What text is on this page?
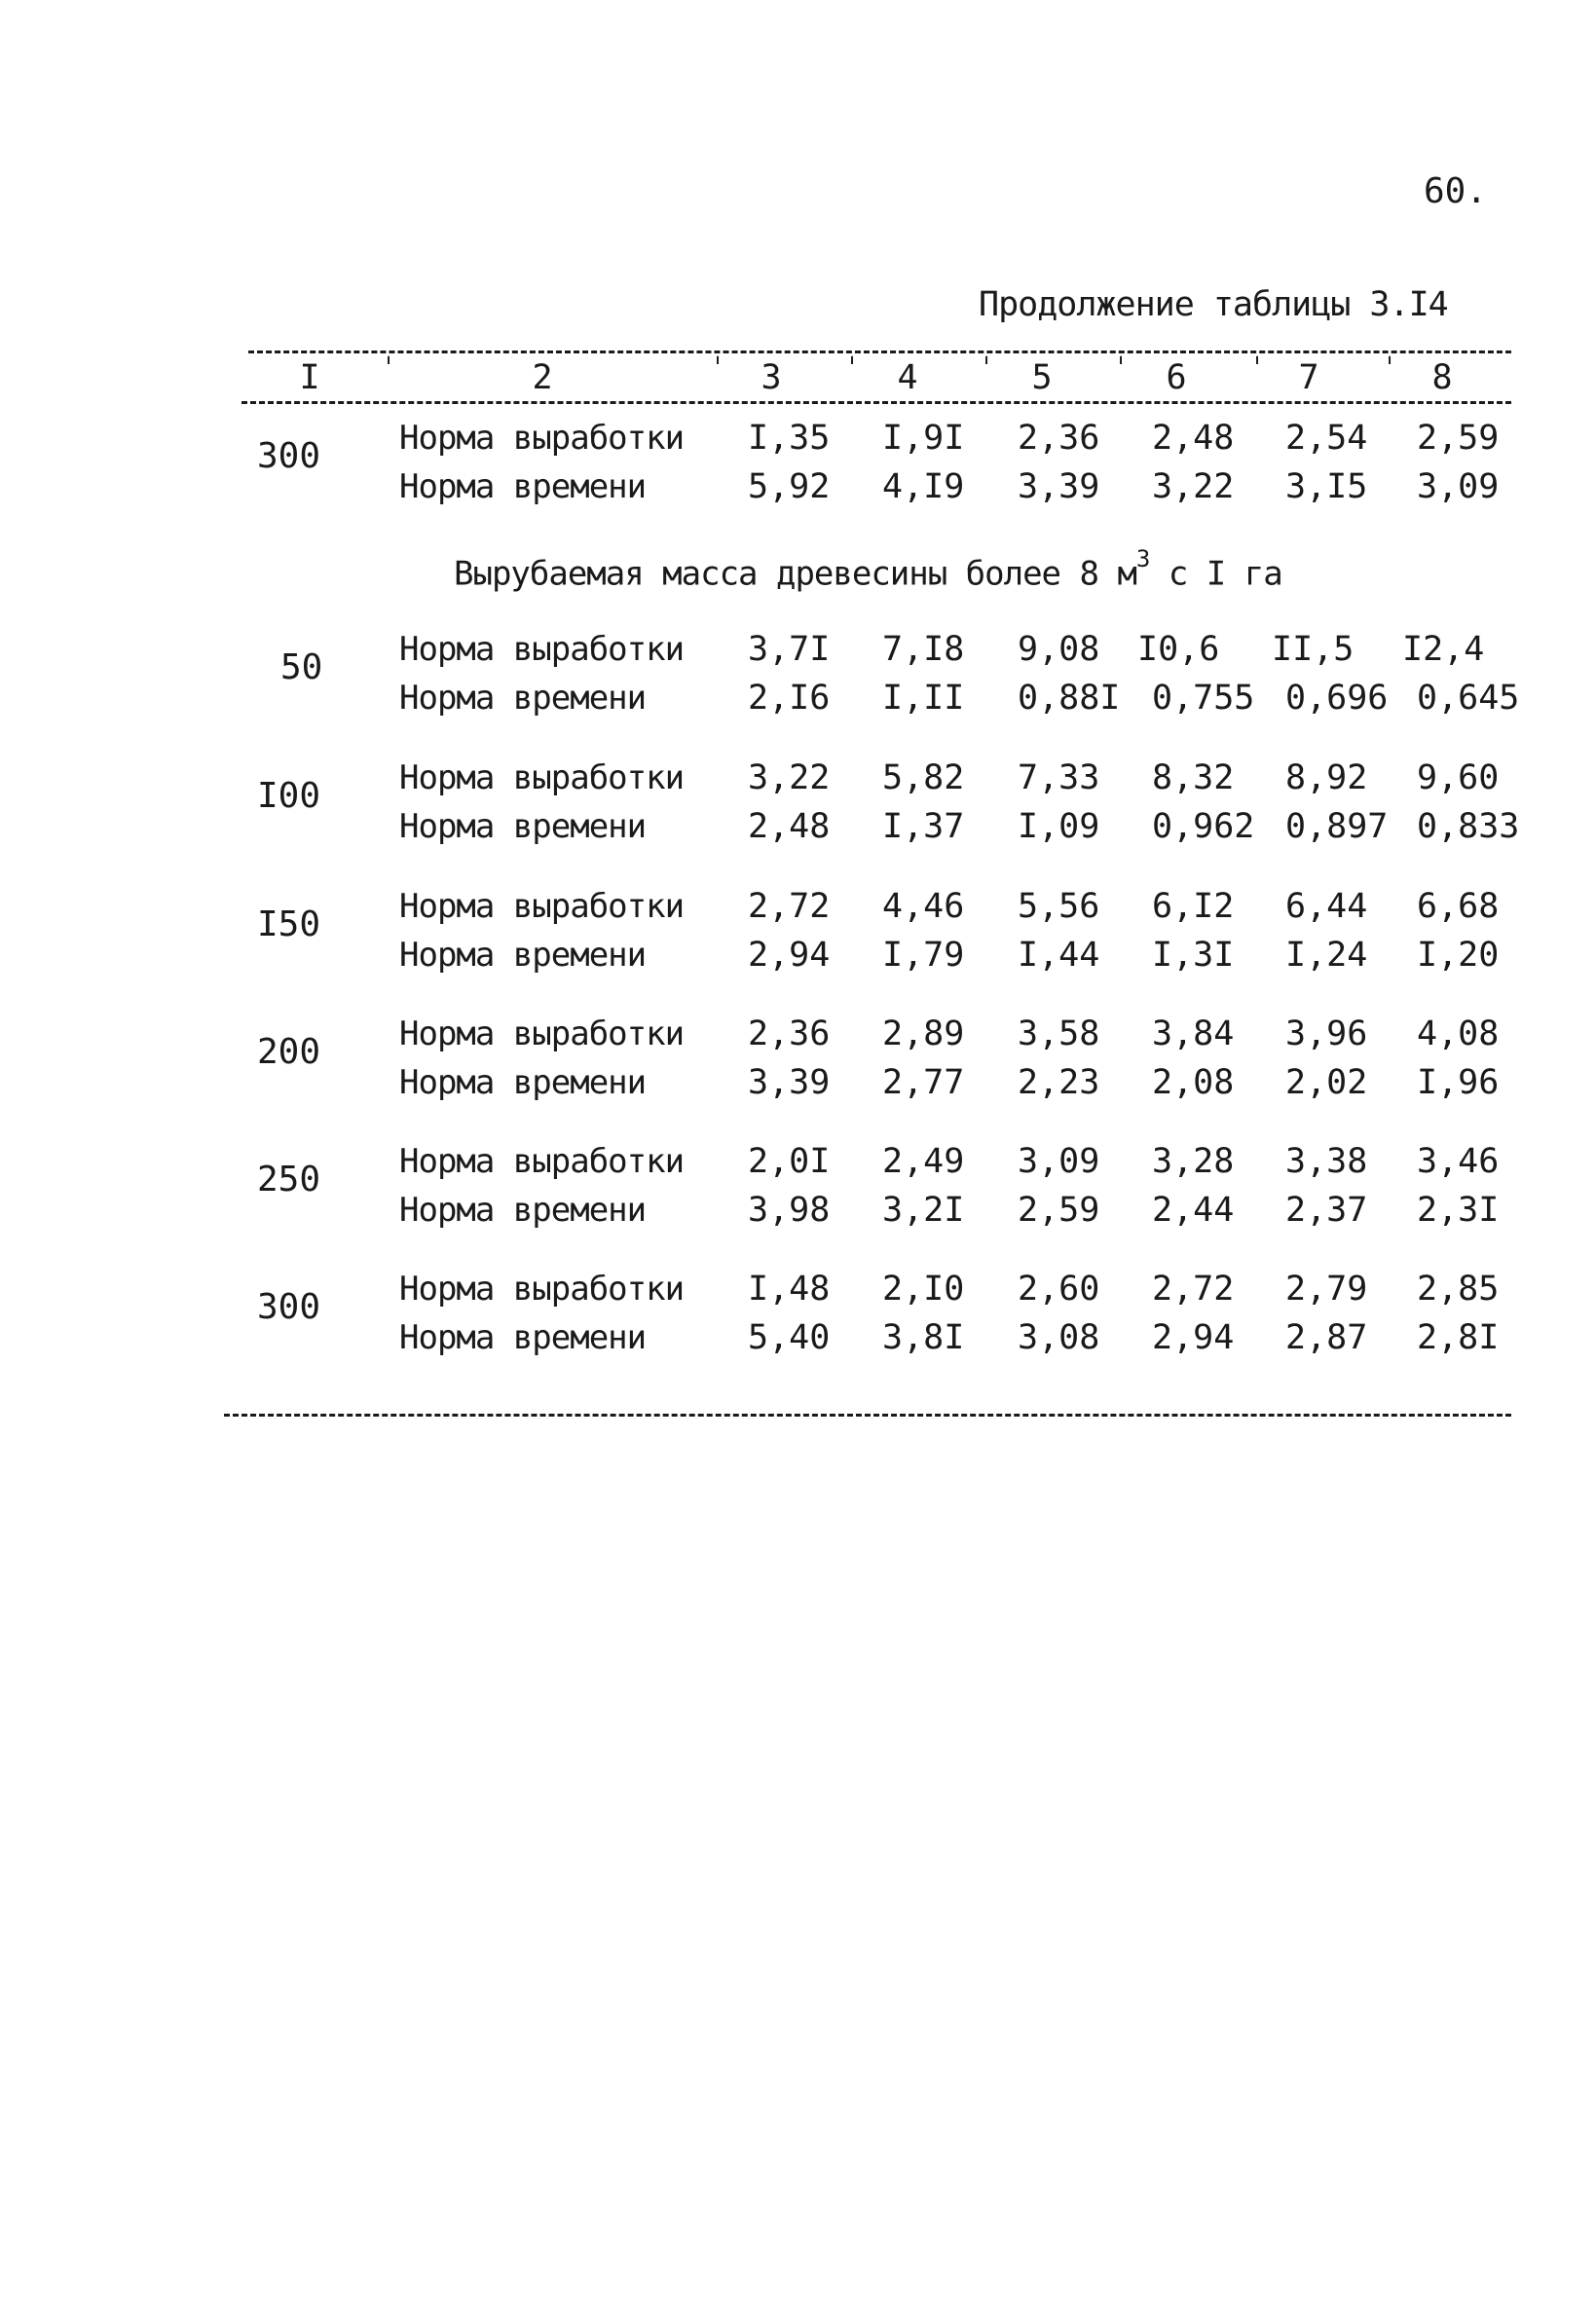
60.
Продолжение таблицы 3.I4
I	ˈ	2	ˈ	3	ˈ	4	ˈ	5	ˈ	6	ˈ 7	ˈ 8
300 Норма выработки I,35 I,9I 2,36 2,48 2,54 2,59
Норма времени	5,92 4,I9 3,39 3,22 3,I5 3,09
Вырубаемая масса древесины более 8 $м^3$ с I га
50 Норма выработки 3,7I 7,I8 9,08 I0,6 II,5 I2,4
Норма времени	2,I6 I,II 0,88I 0,755 0,696 0,645
I00 Норма выработки 3,22 5,82 7,33 8,32 8,92 9,60
Норма времени	2,48 I,37 I,09 0,962 0,897 0,833
I50 Норма выработки 2,72 4,46 5,56 6,I2 6,44 6,68
Норма времени	2,94 I,79 I,44 I,3I I,24 I,20
200 Норма выработки 2,36 2,89 3,58 3,84 3,96 4,08
Норма времени	3,39 2,77 2,23 2,08 2,02 I,96
250 Норма выработки 2,0I 2,49 3,09 3,28 3,38 3,46
Норма времени	3,98 3,2I 2,59 2,44 2,37 2,3I
300 Норма выработки I,48 2,I0 2,60 2,72 2,79 2,85
Норма времени	5,40 3,8I 3,08 2,94 2,87 2,8I
